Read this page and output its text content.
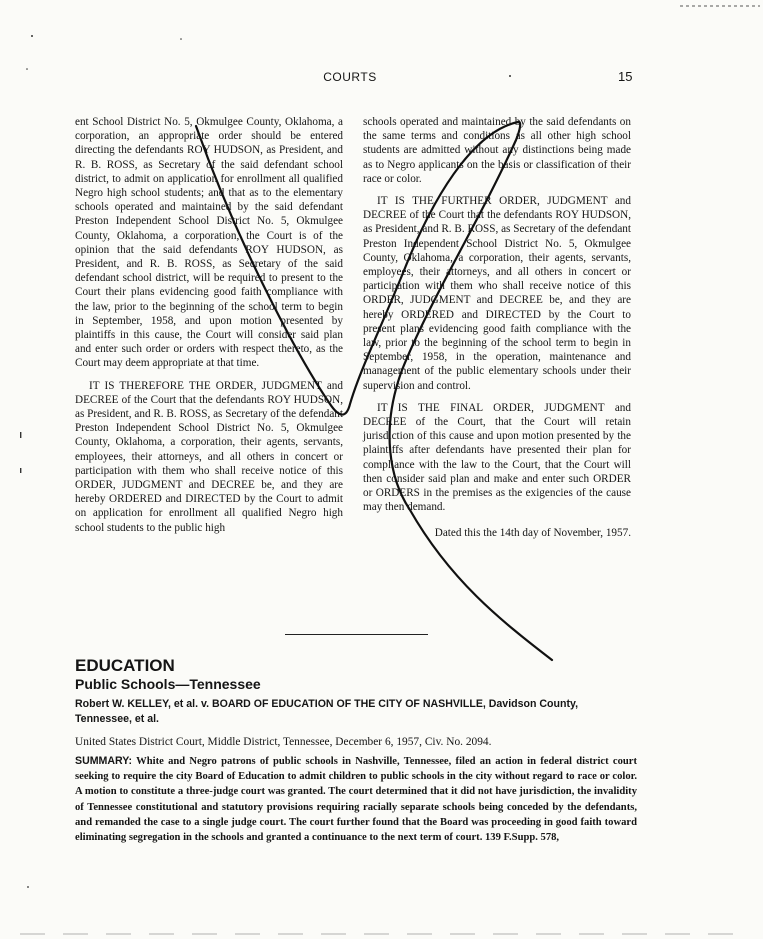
COURTS	15

ent School District No. 5, Okmulgee County, Oklahoma, a corporation, an appropriate order should be entered directing the defendants ROY HUDSON, as President, and R. B. ROSS, as Secretary of the said defendant school district, to admit on application for enrollment all qualified Negro high school students; and that as to the elementary schools operated and maintained by the said defendant Preston Independent School District No. 5, Okmulgee County, Oklahoma, a corporation, the Court is of the opinion that the said defendants ROY HUDSON, as President, and R. B. ROSS, as Secretary of the said defendant school district, will be required to present to the Court their plans evidencing good faith compliance with the law, prior to the beginning of the school term to begin in September, 1958, and upon motion presented by plaintiffs in this cause, the Court will consider said plan and enter such order or orders with respect thereto, as the Court may deem appropriate at that time.

IT IS THEREFORE THE ORDER, JUDGMENT and DECREE of the Court that the defendants ROY HUDSON, as President, and R. B. ROSS, as Secretary of the defendant Preston Independent School District No. 5, Okmulgee County, Oklahoma, a corporation, their agents, servants, employees, their attorneys, and all others in concert or participation with them who shall receive notice of this ORDER, JUDGMENT and DECREE be, and they are hereby ORDERED and DIRECTED by the Court to admit on application for enrollment all qualified Negro high school students to the public high

schools operated and maintained by the said defendants on the same terms and conditions as all other high school students are admitted without any distinctions being made as to Negro applicants on the basis or classification of their race or color.

IT IS THE FURTHER ORDER, JUDGMENT and DECREE of the Court that the defendants ROY HUDSON, as President, and R. B. ROSS, as Secretary of the defendant Preston Independent School District No. 5, Okmulgee County, Oklahoma, a corporation, their agents, servants, employees, their attorneys, and all others in concert or participation with them who shall receive notice of this ORDER, JUDGMENT and DECREE be, and they are hereby ORDERED and DIRECTED by the Court to present plans evidencing good faith compliance with the law, prior to the beginning of the school term to begin in September, 1958, in the operation, maintenance and management of the public elementary schools under their supervision and control.

IT IS THE FINAL ORDER, JUDGMENT and DECREE of the Court, that the Court will retain jurisdiction of this cause and upon motion presented by the plaintiffs after defendants have presented their plan for compliance with the law to the Court, that the Court will then consider said plan and make and enter such ORDER or ORDERS in the premises as the exigencies of the cause may then demand.

Dated this the 14th day of November, 1957.

EDUCATION
Public Schools—Tennessee
Robert W. KELLEY, et al. v. BOARD OF EDUCATION OF THE CITY OF NASHVILLE, Davidson County, Tennessee, et al.
United States District Court, Middle District, Tennessee, December 6, 1957, Civ. No. 2094.
SUMMARY: White and Negro patrons of public schools in Nashville, Tennessee, filed an action in federal district court seeking to require the city Board of Education to admit children to public schools in the city without regard to race or color. A motion to constitute a three-judge court was granted. The court determined that it did not have jurisdiction, the invalidity of Tennessee constitutional and statutory provisions requiring racially separate schools being conceded by the defendants, and remanded the case to a single judge court. The court further found that the Board was proceeding in good faith toward eliminating segregation in the schools and granted a continuance to the next term of court. 139 F.Supp. 578,
